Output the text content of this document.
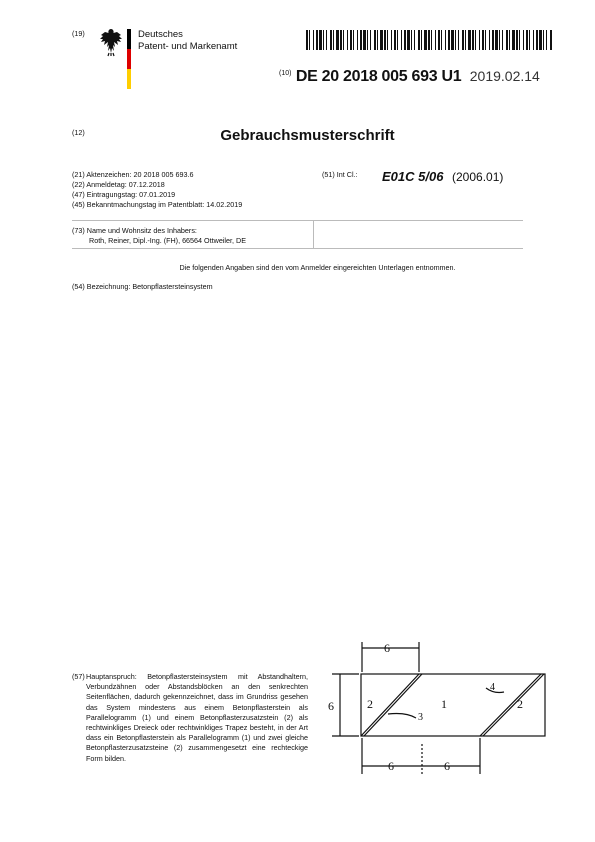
(19)	Deutsches
Patent- und Markenamt
$^{(10)}$ DE 20 2018 005 693 U1 2019.02.14
(12)	Gebrauchsmusterschrift
(21) Aktenzeichen: 20 2018 005 693.6
(22) Anmeldetag: 07.12.2018
(47) Eintragungstag: 07.01.2019
(45) Bekanntmachungstag im Patentblatt: 14.02.2019
(51) Int Cl.: E01C 5/06 (2006.01)
(73) Name und Wohnsitz des Inhabers:
Roth, Reiner, Dipl.-Ing. (FH), 66564 Ottweiler, DE
Die folgenden Angaben sind den vom Anmelder eingereichten Unterlagen entnommen.
(54) Bezeichnung: Betonpflastersteinsystem
(57) Hauptanspruch: Betonpflastersteinsystem mit Abstandhaltern, Verbundzähnen oder Abstandsblöcken an den senkrechten Seitenflächen, dadurch gekennzeichnet, dass im Grundriss gesehen das System mindestens aus einem Betonpflasterstein als Parallelogramm (1) und einem Betonpflasterzusatzstein (2) als rechtwinkliges Dreieck oder rechtwinkliges Trapez besteht, in der Art dass ein Betonpflasterstein als Parallelogramm (1) und zwei gleiche Betonpflasterzusatzsteine (2) zusammengesetzt eine rechteckige Form bilden.
6
6
6	6
2	1	2
3
4
